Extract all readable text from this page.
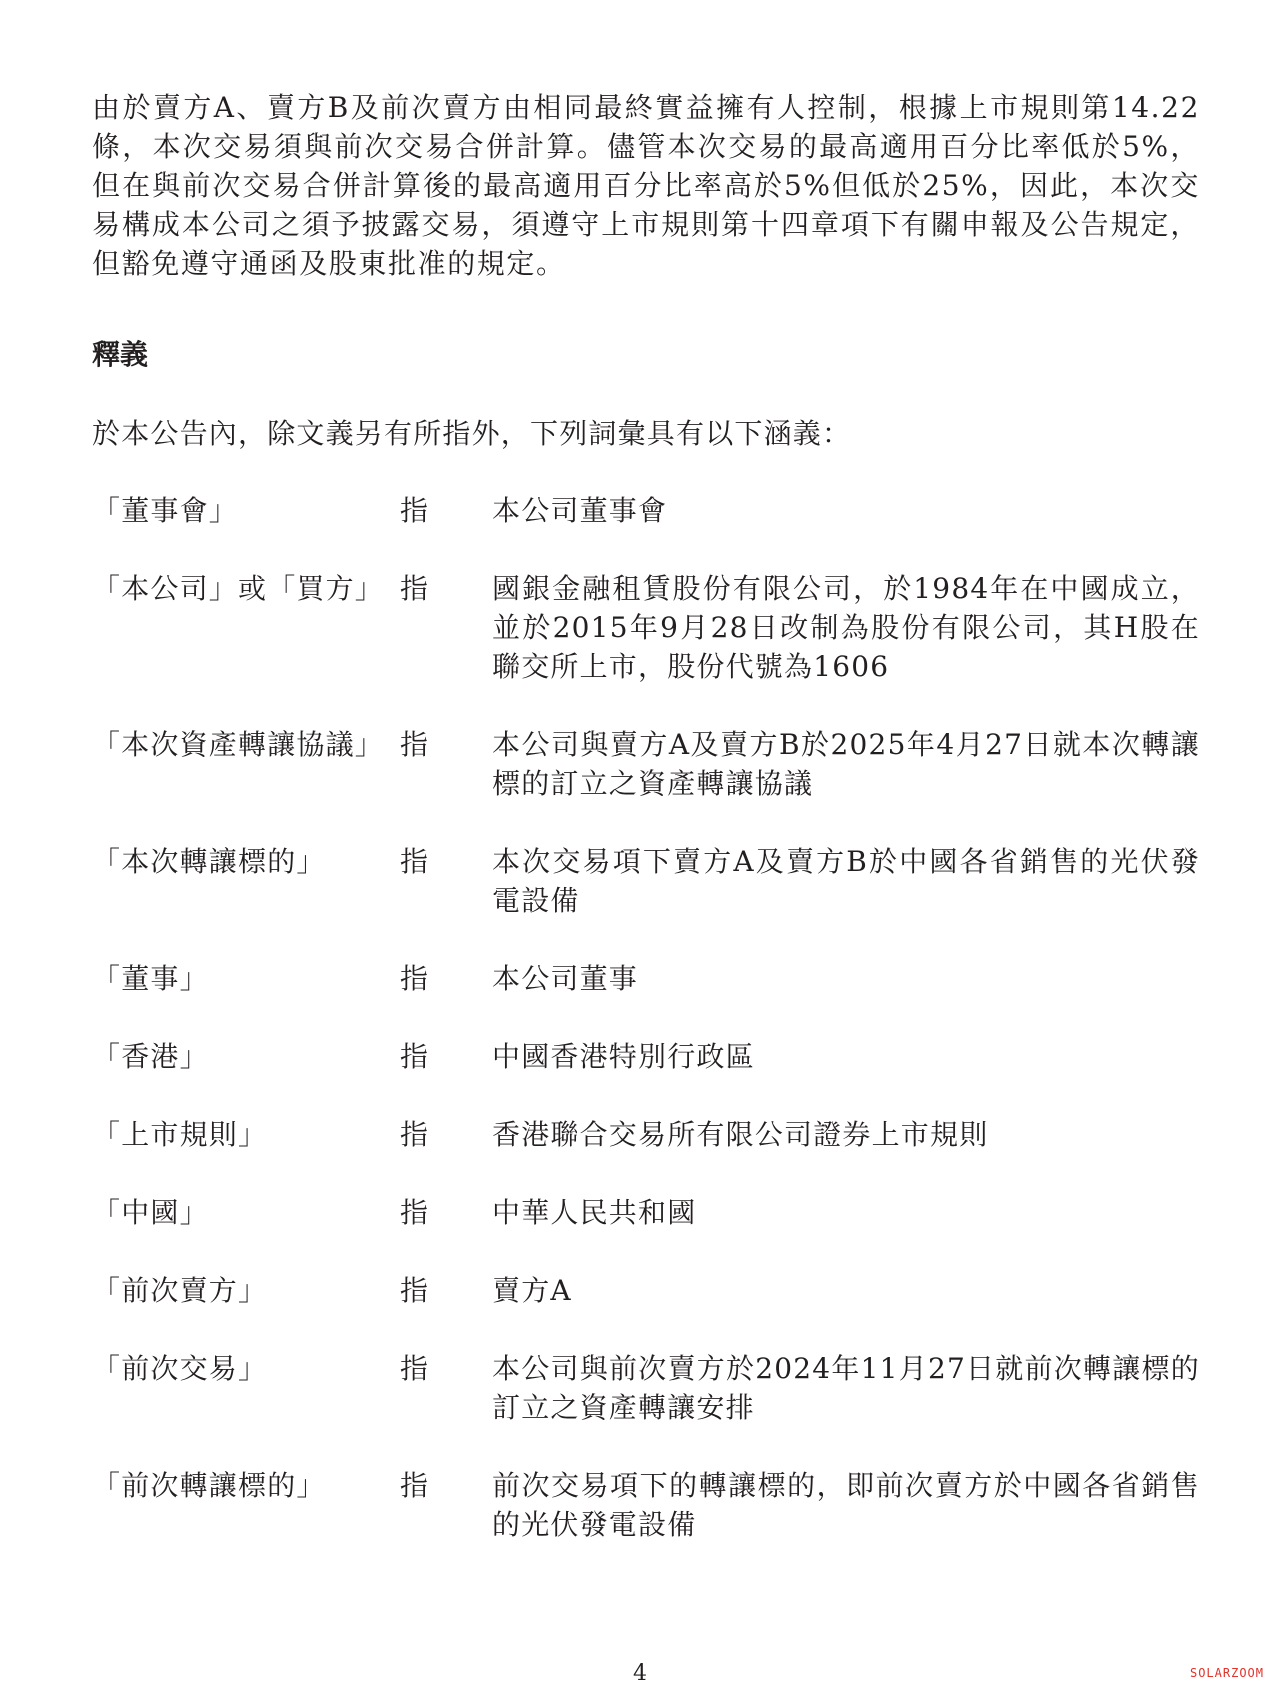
由於賣方A、賣方B及前次賣方由相同最終實益擁有人控制，根據上市規則第14.22條，本次交易須與前次交易合併計算。儘管本次交易的最高適用百分比率低於5%，但在與前次交易合併計算後的最高適用百分比率高於5%但低於25%，因此，本次交易構成本公司之須予披露交易，須遵守上市規則第十四章項下有關申報及公告規定，但豁免遵守通函及股東批准的規定。

釋義

於本公告內，除文義另有所指外，下列詞彙具有以下涵義：

「董事會」	指	本公司董事會
「本公司」或「買方」 指	國銀金融租賃股份有限公司，於1984年在中國成立，並於2015年9月28日改制為股份有限公司，其H股在聯交所上市，股份代號為1606
「本次資產轉讓協議」 指	本公司與賣方A及賣方B於2025年4月27日就本次轉讓標的訂立之資產轉讓協議
「本次轉讓標的」	指	本次交易項下賣方A及賣方B於中國各省銷售的光伏發電設備
「董事」	指	本公司董事
「香港」	指	中國香港特別行政區
「上市規則」	指	香港聯合交易所有限公司證券上市規則
「中國」	指	中華人民共和國
「前次賣方」	指	賣方A
「前次交易」	指	本公司與前次賣方於2024年11月27日就前次轉讓標的訂立之資產轉讓安排
「前次轉讓標的」	指	前次交易項下的轉讓標的，即前次賣方於中國各省銷售的光伏發電設備
4	SOLARZOOM
